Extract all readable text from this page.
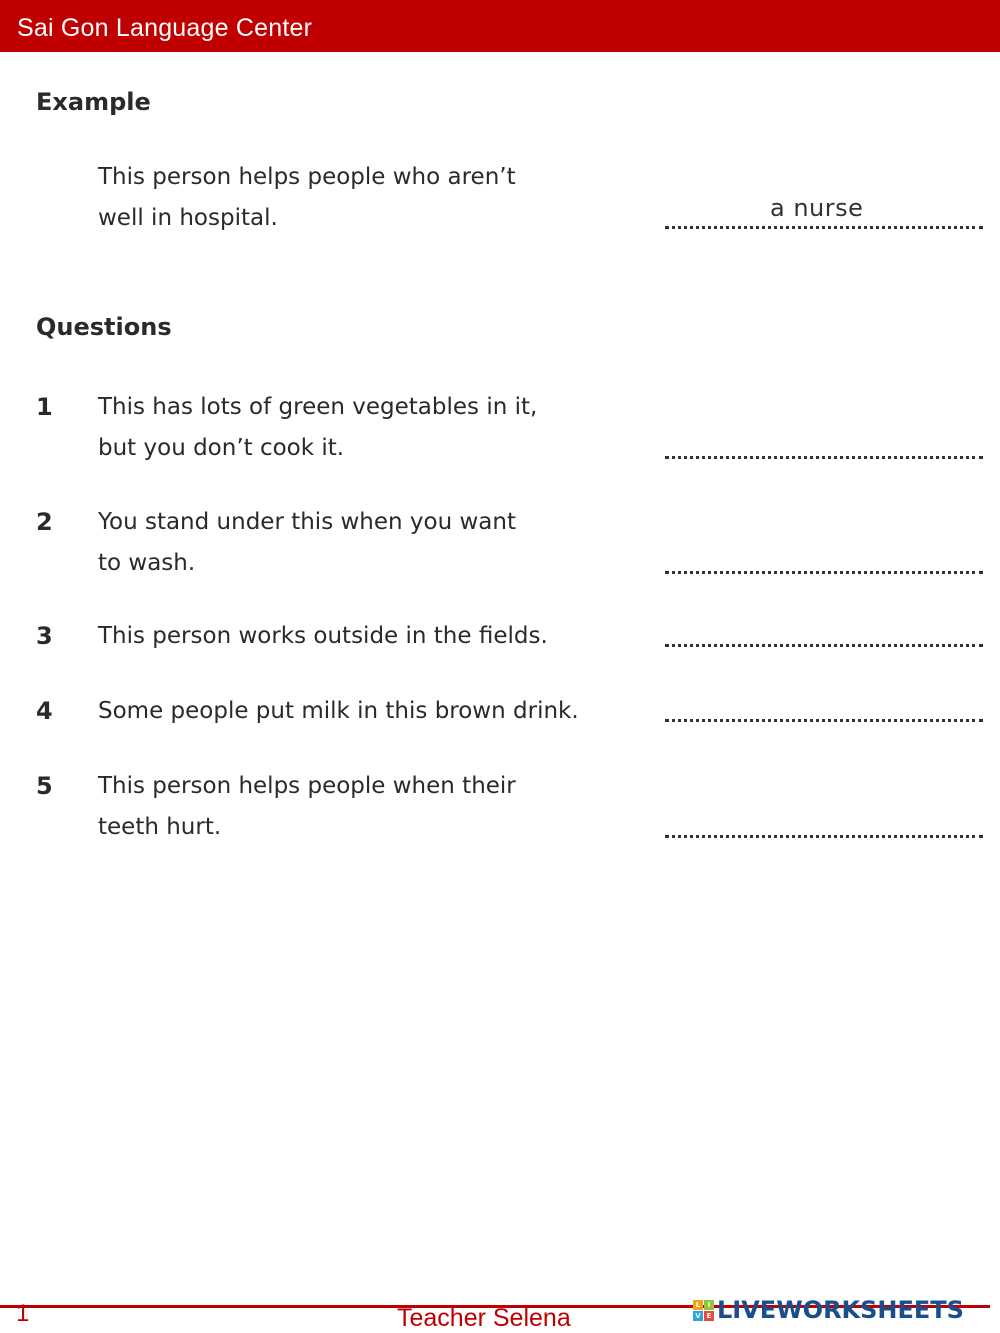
Sai Gon Language Center
Example
This person helps people who aren’t
well in hospital.	a nurse
Questions
1 This has lots of green vegetables in it,
but you don’t cook it.
2 You stand under this when you want
to wash.
3 This person works outside in the fields.
4 Some people put milk in this brown drink.
5 This person helps people when their
teeth hurt.
1	Teacher Selena	L	I
V E LIVEWORKSHEETS
